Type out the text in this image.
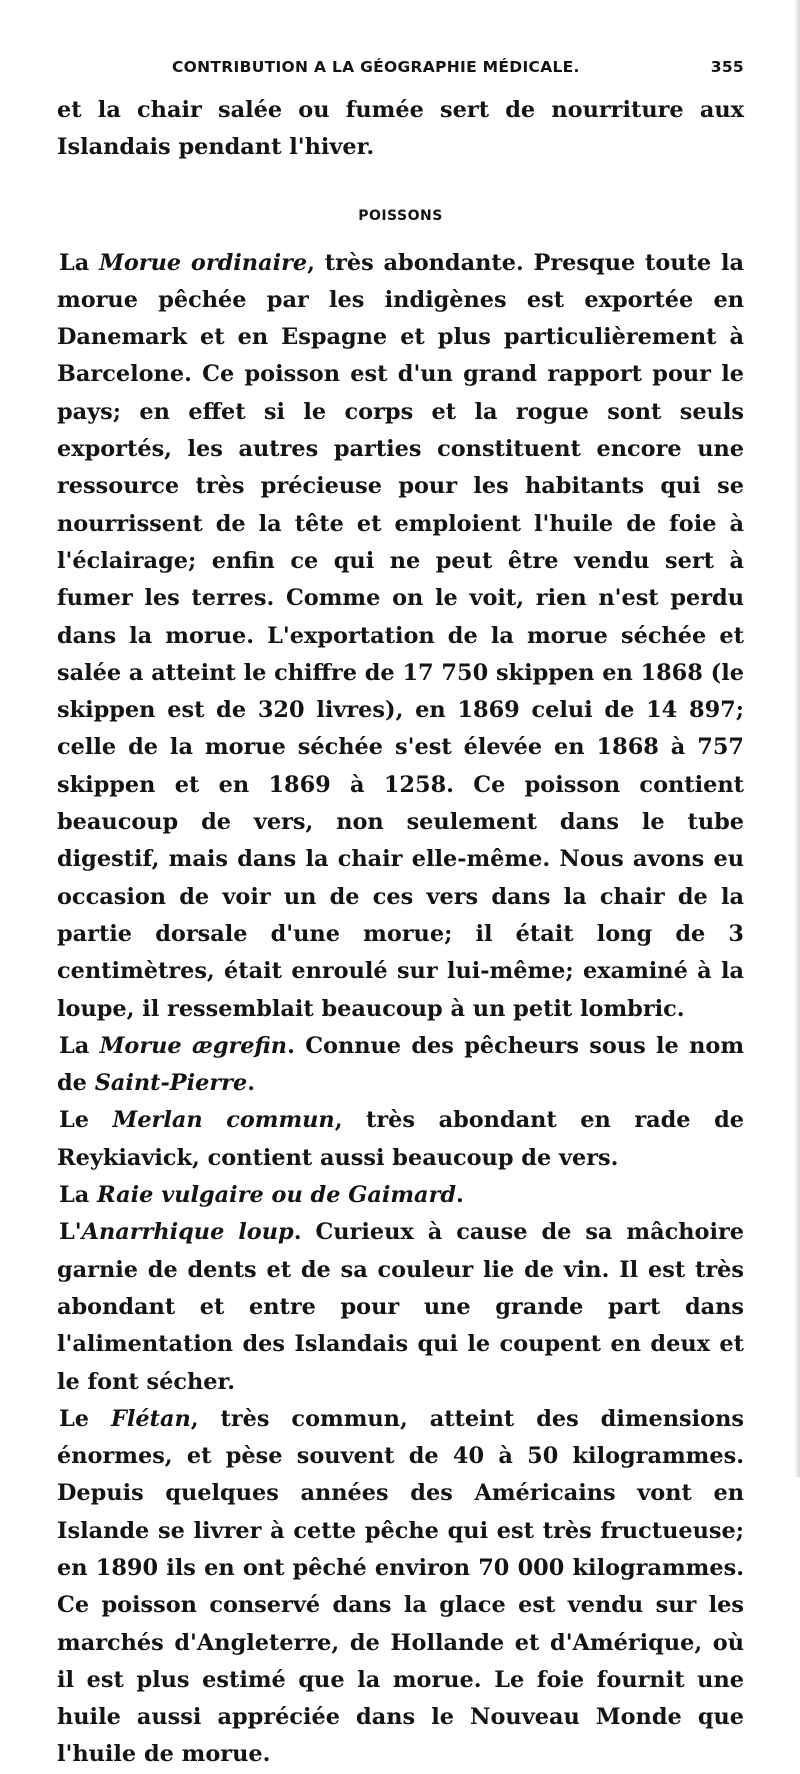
CONTRIBUTION A LA GÉOGRAPHIE MÉDICALE.	355

et la chair salée ou fumée sert de nourriture aux Islandais pendant l'hiver.

POISSONS

La Morue ordinaire, très abondante. Presque toute la morue pêchée par les indigènes est exportée en Danemark et en Espagne et plus particulièrement à Barcelone. Ce poisson est d'un grand rapport pour le pays; en effet si le corps et la rogue sont seuls exportés, les autres parties constituent encore une ressource très précieuse pour les habitants qui se nourrissent de la tête et emploient l'huile de foie à l'éclairage; enfin ce qui ne peut être vendu sert à fumer les terres. Comme on le voit, rien n'est perdu dans la morue. L'exportation de la morue séchée et salée a atteint le chiffre de 17 750 skippen en 1868 (le skippen est de 320 livres), en 1869 celui de 14 897; celle de la morue séchée s'est élevée en 1868 à 757 skippen et en 1869 à 1258. Ce poisson contient beaucoup de vers, non seulement dans le tube digestif, mais dans la chair elle-même. Nous avons eu occasion de voir un de ces vers dans la chair de la partie dorsale d'une morue; il était long de 3 centimètres, était enroulé sur lui-même; examiné à la loupe, il ressemblait beaucoup à un petit lombric.

La Morue ægrefin. Connue des pêcheurs sous le nom de Saint-Pierre.

Le Merlan commun, très abondant en rade de Reykiavick, contient aussi beaucoup de vers.

La Raie vulgaire ou de Gaimard.

L'Anarrhique loup. Curieux à cause de sa mâchoire garnie de dents et de sa couleur lie de vin. Il est très abondant et entre pour une grande part dans l'alimentation des Islandais qui le coupent en deux et le font sécher.

Le Flétan, très commun, atteint des dimensions énormes, et pèse souvent de 40 à 50 kilogrammes. Depuis quelques années des Américains vont en Islande se livrer à cette pêche qui est très fructueuse; en 1890 ils en ont pêché environ 70 000 kilogrammes. Ce poisson conservé dans la glace est vendu sur les marchés d'Angleterre, de Hollande et d'Amérique, où il est plus estimé que la morue. Le foie fournit une huile aussi appréciée dans le Nouveau Monde que l'huile de morue.
